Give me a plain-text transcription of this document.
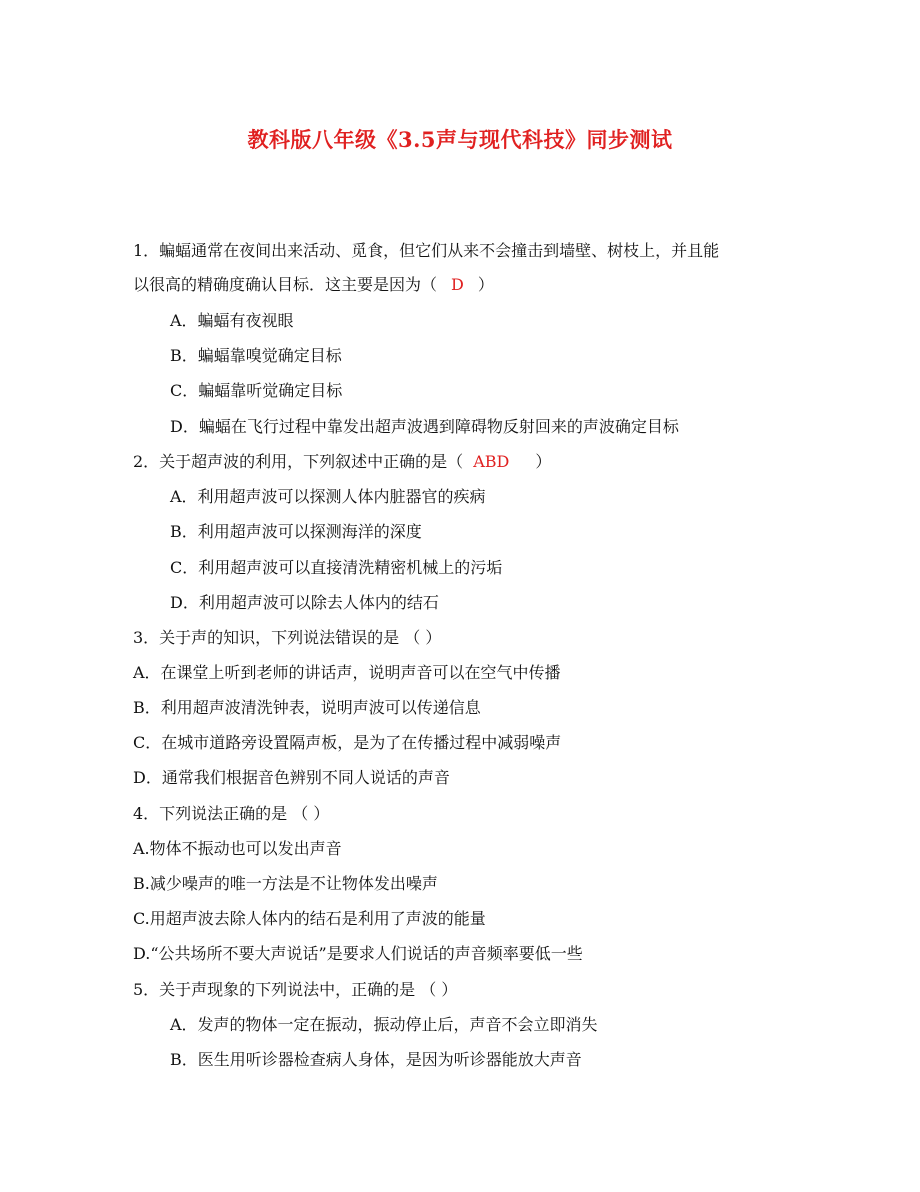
教科版八年级《3.5声与现代科技》同步测试
1．蝙蝠通常在夜间出来活动、觅食，但它们从来不会撞击到墙壁、树枝上，并且能
以很高的精确度确认目标．这主要是因为（ D ）
A．蝙蝠有夜视眼
B．蝙蝠靠嗅觉确定目标
C．蝙蝠靠听觉确定目标
D．蝙蝠在飞行过程中靠发出超声波遇到障碍物反射回来的声波确定目标
2．关于超声波的利用，下列叙述中正确的是（ ABD ）
A．利用超声波可以探测人体内脏器官的疾病
B．利用超声波可以探测海洋的深度
C．利用超声波可以直接清洗精密机械上的污垢
D．利用超声波可以除去人体内的结石
3．关于声的知识，下列说法错误的是 （ ）
A．在课堂上听到老师的讲话声，说明声音可以在空气中传播
B．利用超声波清洗钟表，说明声波可以传递信息
C．在城市道路旁设置隔声板，是为了在传播过程中减弱噪声
D．通常我们根据音色辨别不同人说话的声音
4．下列说法正确的是 （ ）
A.物体不振动也可以发出声音
B.减少噪声的唯一方法是不让物体发出噪声
C.用超声波去除人体内的结石是利用了声波的能量
D.“公共场所不要大声说话”是要求人们说话的声音频率要低一些
5．关于声现象的下列说法中，正确的是 （ ）
A．发声的物体一定在振动，振动停止后，声音不会立即消失
B．医生用听诊器检查病人身体，是因为听诊器能放大声音
